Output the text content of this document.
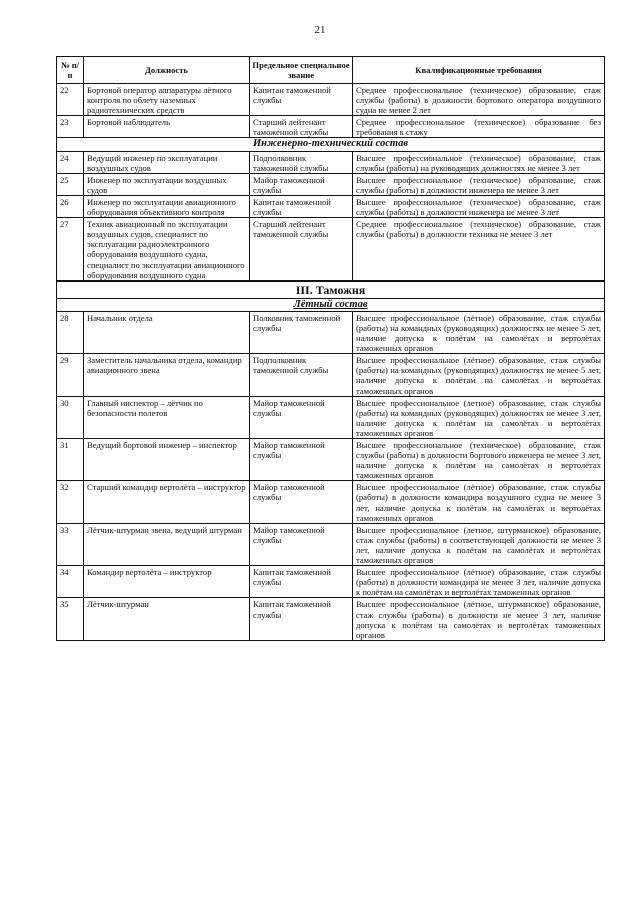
21
№ п/п	Должность	Предельное специальное звание	Квалификационные требования
22	Бортовой оператор аппаратуры лётного контроля по облету наземных радиотехнических средств	Капитан таможенной службы	Среднее профессиональное (техническое) образование, стаж службы (работы) в должности бортового оператора воздушного судна не менее 2 лет
23	Бортовой наблюдатель	Старший лейтенант таможенной службы	Среднее профессиональное (техническое) образование без требования к стажу
Инженерно-технический состав			
24	Ведущий инженер по эксплуатации воздушных судов	Подполковник таможенной службы	Высшее профессиональное (техническое) образование, стаж службы (работы) на руководящих должностях не менее 3 лет
25	Инженер по эксплуатации воздушных судов	Майор таможенной службы	Высшее профессиональное (техническое) образование, стаж службы (работы) в должности инженера не менее 3 лет
26	Инженер по эксплуатации авиационного оборудования объективного контроля	Капитан таможенной службы	Высшее профессиональное (техническое) образование, стаж службы (работы) в должности инженера не менее 3 лет
27	Техник авиационный по эксплуатации воздушных судов, специалист по эксплуатации радиоэлектронного оборудования воздушного судна, специалист по эксплуатации авиационного оборудования воздушного судна	Старший лейтенант таможенной службы	Среднее профессиональное (техническое) образование, стаж службы (работы) в должности техника не менее 3 лет
III. Таможня			
Лётный состав			
28	Начальник отдела	Полковник таможенной службы	Высшее профессиональное (лётное) образование, стаж службы (работы) на командных (руководящих) должностях не менее 5 лет, наличие допуска к полётам на самолётах и вертолётах таможенных органов
29	Заместитель начальника отдела, командир авиационного звена	Подполковник таможенной службы	Высшее профессиональное (лётное) образование, стаж службы (работы) на командных (руководящих) должностях не менее 5 лет, наличие допуска к полётам на самолётах и вертолётах таможенных органов
30	Главный инспектор – лётчик по безопасности полетов	Майор таможенной службы	Высшее профессиональное (летное) образование, стаж службы (работы) на командных (руководящих) должностях не менее 3 лет, наличие допуска к полётам на самолётах и вертолётах таможенных органов
31	Ведущий бортовой инженер – инспектор	Майор таможенной службы	Высшее профессиональное (техническое) образование, стаж службы (работы) в должности бортового инженера не менее 3 лет, наличие допуска к полётам на самолётах и вертолётах таможенных органов
32	Старший командир вертолёта – инструктор	Майор таможенной службы	Высшее профессиональное (лётное) образование, стаж службы (работы) в должности командира воздушного судна не менее 3 лет, наличие допуска к полётам на самолётах и вертолётах таможенных органов
33	Лётчик-штурман звена, ведущий штурман	Майор таможенной службы	Высшее профессиональное (летное, штурманское) образование, стаж службы (работы) в соответствующей должности не менее 3 лет, наличие допуска к полётам на самолётах и вертолётах таможенных органов
34	Командир вертолёта – инструктор	Капитан таможенной службы	Высшее профессиональное (лётное) образование, стаж службы (работы) в должности командира не менее 3 лет, наличие допуска к полётам на самолётах и вертолётах таможенных органов
35	Лётчик-штурман	Капитан таможенной службы	Высшее профессиональное (лётное, штурманское) образование, стаж службы (работы) в должности не менее 3 лет, наличие допуска к полётам на самолётах и вертолётах таможенных органов
